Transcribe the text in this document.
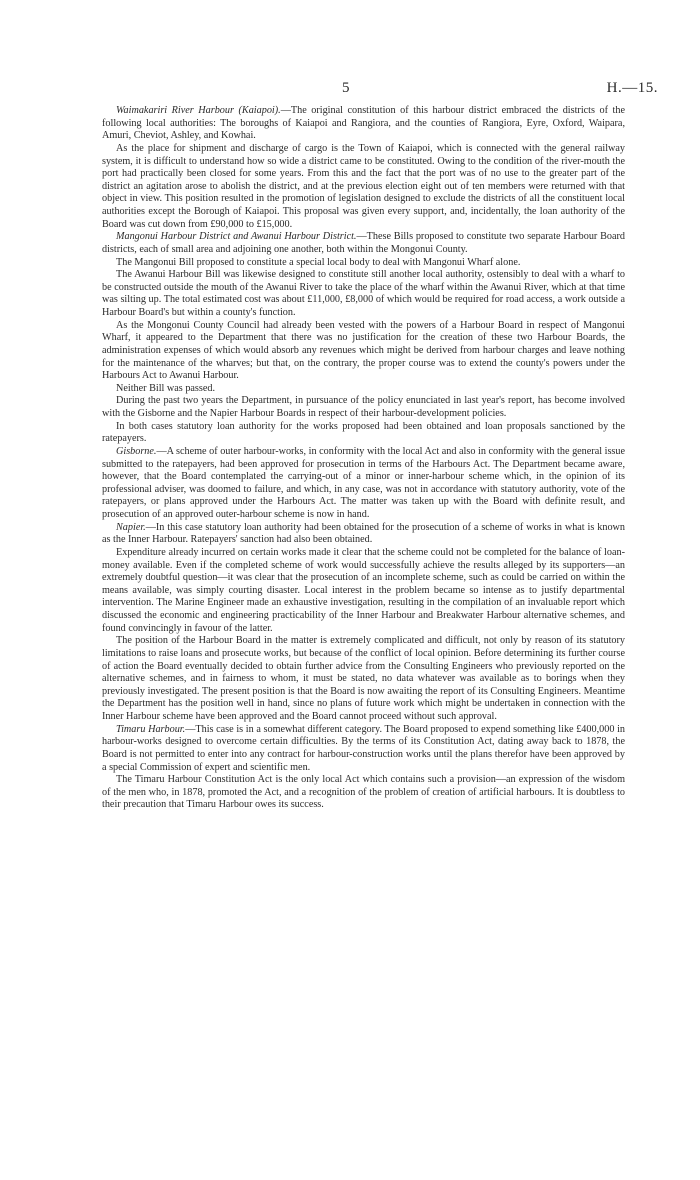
5	H.—15.

Waimakariri River Harbour (Kaiapoi).—The original constitution of this harbour district embraced the districts of the following local authorities: The boroughs of Kaiapoi and Rangiora, and the counties of Rangiora, Eyre, Oxford, Waipara, Amuri, Cheviot, Ashley, and Kowhai.

As the place for shipment and discharge of cargo is the Town of Kaiapoi, which is connected with the general railway system, it is difficult to understand how so wide a district came to be constituted. Owing to the condition of the river-mouth the port had practically been closed for some years. From this and the fact that the port was of no use to the greater part of the district an agitation arose to abolish the district, and at the previous election eight out of ten members were returned with that object in view. This position resulted in the promotion of legislation designed to exclude the districts of all the constituent local authorities except the Borough of Kaiapoi. This proposal was given every support, and, incidentally, the loan authority of the Board was cut down from £90,000 to £15,000.

Mangonui Harbour District and Awanui Harbour District.—These Bills proposed to constitute two separate Harbour Board districts, each of small area and adjoining one another, both within the Mongonui County.

The Mangonui Bill proposed to constitute a special local body to deal with Mangonui Wharf alone.

The Awanui Harbour Bill was likewise designed to constitute still another local authority, ostensibly to deal with a wharf to be constructed outside the mouth of the Awanui River to take the place of the wharf within the Awanui River, which at that time was silting up. The total estimated cost was about £11,000, £8,000 of which would be required for road access, a work outside a Harbour Board's but within a county's function.

As the Mongonui County Council had already been vested with the powers of a Harbour Board in respect of Mangonui Wharf, it appeared to the Department that there was no justification for the creation of these two Harbour Boards, the administration expenses of which would absorb any revenues which might be derived from harbour charges and leave nothing for the maintenance of the wharves; but that, on the contrary, the proper course was to extend the county's powers under the Harbours Act to Awanui Harbour.

Neither Bill was passed.

During the past two years the Department, in pursuance of the policy enunciated in last year's report, has become involved with the Gisborne and the Napier Harbour Boards in respect of their harbour-development policies.

In both cases statutory loan authority for the works proposed had been obtained and loan proposals sanctioned by the ratepayers.

Gisborne.—A scheme of outer harbour-works, in conformity with the local Act and also in conformity with the general issue submitted to the ratepayers, had been approved for prosecution in terms of the Harbours Act. The Department became aware, however, that the Board contemplated the carrying-out of a minor or inner-harbour scheme which, in the opinion of its professional adviser, was doomed to failure, and which, in any case, was not in accordance with statutory authority, vote of the ratepayers, or plans approved under the Harbours Act. The matter was taken up with the Board with definite result, and prosecution of an approved outer-harbour scheme is now in hand.

Napier.—In this case statutory loan authority had been obtained for the prosecution of a scheme of works in what is known as the Inner Harbour. Ratepayers' sanction had also been obtained.

Expenditure already incurred on certain works made it clear that the scheme could not be completed for the balance of loan-money available. Even if the completed scheme of work would successfully achieve the results alleged by its supporters—an extremely doubtful question—it was clear that the prosecution of an incomplete scheme, such as could be carried on within the means available, was simply courting disaster. Local interest in the problem became so intense as to justify departmental intervention. The Marine Engineer made an exhaustive investigation, resulting in the compilation of an invaluable report which discussed the economic and engineering practicability of the Inner Harbour and Breakwater Harbour alternative schemes, and found convincingly in favour of the latter.

The position of the Harbour Board in the matter is extremely complicated and difficult, not only by reason of its statutory limitations to raise loans and prosecute works, but because of the conflict of local opinion. Before determining its further course of action the Board eventually decided to obtain further advice from the Consulting Engineers who previously reported on the alternative schemes, and in fairness to whom, it must be stated, no data whatever was available as to borings when they previously investigated. The present position is that the Board is now awaiting the report of its Consulting Engineers. Meantime the Department has the position well in hand, since no plans of future work which might be undertaken in connection with the Inner Harbour scheme have been approved and the Board cannot proceed without such approval.

Timaru Harbour.—This case is in a somewhat different category. The Board proposed to expend something like £400,000 in harbour-works designed to overcome certain difficulties. By the terms of its Constitution Act, dating away back to 1878, the Board is not permitted to enter into any contract for harbour-construction works until the plans therefor have been approved by a special Commission of expert and scientific men.

The Timaru Harbour Constitution Act is the only local Act which contains such a provision—an expression of the wisdom of the men who, in 1878, promoted the Act, and a recognition of the problem of creation of artificial harbours. It is doubtless to their precaution that Timaru Harbour owes its success.
